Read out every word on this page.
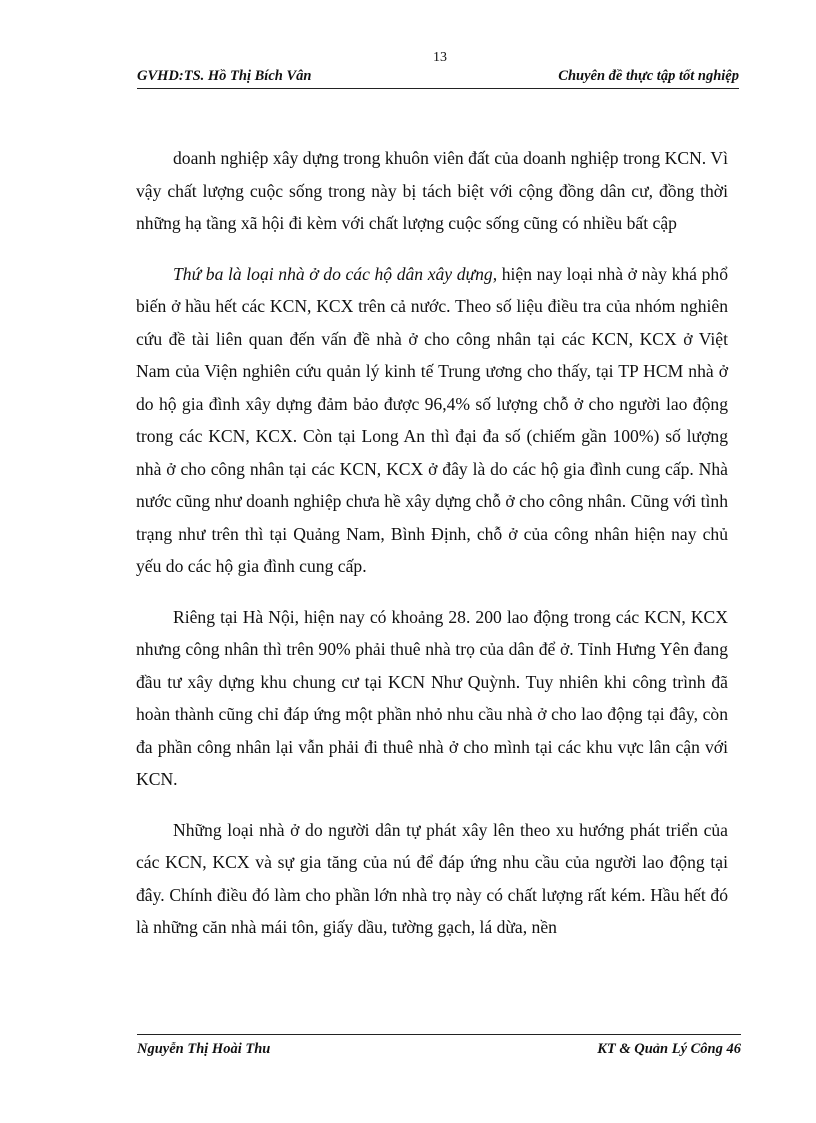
13
GVHD:TS. Hồ Thị Bích Vân	Chuyên đề thực tập tốt nghiệp

doanh nghiệp xây dựng trong khuôn viên đất của doanh nghiệp trong KCN. Vì vậy chất lượng cuộc sống trong này bị tách biệt với cộng đồng dân cư, đồng thời những hạ tầng xã hội đi kèm với chất lượng cuộc sống cũng có nhiều bất cập

Thứ ba là loại nhà ở do các hộ dân xây dựng, hiện nay loại nhà ở này khá phổ biến ở hầu hết các KCN, KCX trên cả nước. Theo số liệu điều tra của nhóm nghiên cứu đề tài liên quan đến vấn đề nhà ở cho công nhân tại các KCN, KCX ở Việt Nam của Viện nghiên cứu quản lý kinh tế Trung ương cho thấy, tại TP HCM nhà ở do hộ gia đình xây dựng đảm bảo được 96,4% số lượng chỗ ở cho người lao động trong các KCN, KCX. Còn tại Long An thì đại đa số (chiếm gần 100%) số lượng nhà ở cho công nhân tại các KCN, KCX ở đây là do các hộ gia đình cung cấp. Nhà nước cũng như doanh nghiệp chưa hề xây dựng chỗ ở cho công nhân. Cũng với tình trạng như trên thì tại Quảng Nam, Bình Định, chỗ ở của công nhân hiện nay chủ yếu do các hộ gia đình cung cấp.

Riêng tại Hà Nội, hiện nay có khoảng 28. 200 lao động trong các KCN, KCX nhưng công nhân thì trên 90% phải thuê nhà trọ của dân để ở. Tỉnh Hưng Yên đang đầu tư xây dựng khu chung cư tại KCN Như Quỳnh. Tuy nhiên khi công trình đã hoàn thành cũng chỉ đáp ứng một phần nhỏ nhu cầu nhà ở cho lao động tại đây, còn đa phần công nhân lại vẫn phải đi thuê nhà ở cho mình tại các khu vực lân cận với KCN.

Những loại nhà ở do người dân tự phát xây lên theo xu hướng phát triển của các KCN, KCX và sự gia tăng của nú để đáp ứng nhu cầu của người lao động tại đây. Chính điều đó làm cho phần lớn nhà trọ này có chất lượng rất kém. Hầu hết đó là những căn nhà mái tôn, giấy dầu, tường gạch, lá dừa, nền

Nguyễn Thị Hoài Thu	KT & Quản Lý Công 46
